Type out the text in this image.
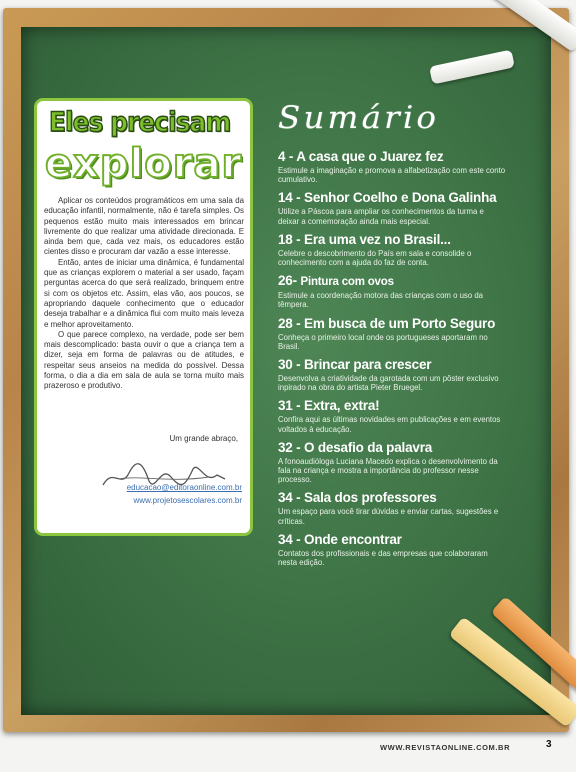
Eles precisam
explorar

Aplicar os conteúdos programáticos em uma sala da educação infantil, normalmente, não é tarefa simples. Os pequenos estão muito mais interessados em brincar livremente do que realizar uma atividade direcionada. E ainda bem que, cada vez mais, os educadores estão cientes disso e procuram dar vazão a esse interesse.

Então, antes de iniciar uma dinâmica, é fundamental que as crianças explorem o material a ser usado, façam perguntas acerca do que será realizado, brinquem entre si com os objetos etc. Assim, elas vão, aos poucos, se apropriando daquele conhecimento que o educador deseja trabalhar e a dinâmica flui com muito mais leveza e melhor aproveitamento.

O que parece complexo, na verdade, pode ser bem mais descomplicado: basta ouvir o que a criança tem a dizer, seja em forma de palavras ou de atitudes, e respeitar seus anseios na medida do possível. Dessa forma, o dia a dia em sala de aula se torna muito mais prazeroso e produtivo.

Um grande abraço,
educacao@editoraonline.com.br
www.projetosescolares.com.br
Sumário
4 - A casa que o Juarez fez
Estimule a imaginação e promova a alfabetização com este conto cumulativo.
14 - Senhor Coelho e Dona Galinha
Utilize a Páscoa para ampliar os conhecimentos da turma e deixar a comemoração ainda mais especial.
18 - Era uma vez no Brasil...
Celebre o descobrimento do País em sala e consolide o conhecimento com a ajuda do faz de conta.
26- Pintura com ovos
Estimule a coordenação motora das crianças com o uso da têmpera.
28 - Em busca de um Porto Seguro
Conheça o primeiro local onde os portugueses aportaram no Brasil.
30 - Brincar para crescer
Desenvolva a criatividade da garotada com um pôster exclusivo inpirado na obra do artista Pieter Bruegel.
31 - Extra, extra!
Confira aqui as últimas novidades em publicações e em eventos voltados à educação.
32 - O desafio da palavra
A fonoaudióloga Luciana Macedo explica o desenvolvimento da fala na criança e mostra a importância do professor nesse processo.
34 - Sala dos professores
Um espaço para você tirar dúvidas e enviar cartas, sugestões e críticas.
34 - Onde encontrar
Contatos dos profissionais e das empresas que colaboraram nesta edição.
WWW.REVISTAONLINE.COM.BR	3
